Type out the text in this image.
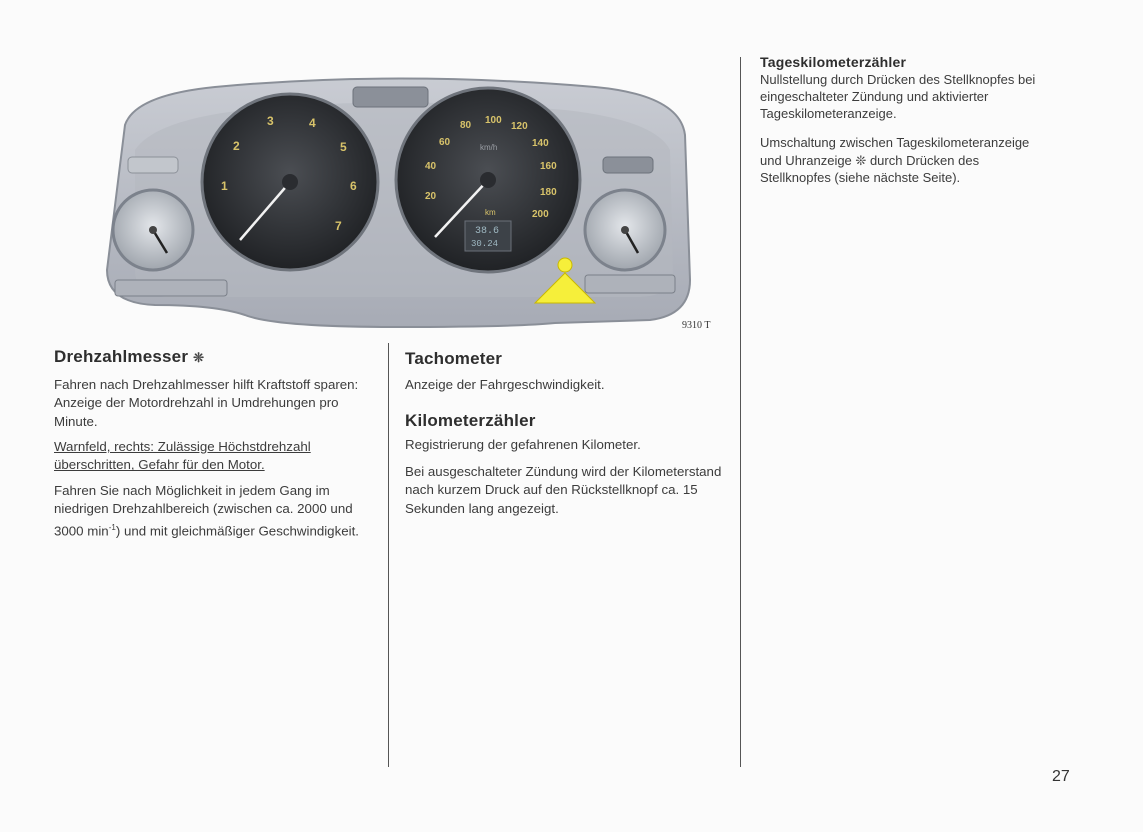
1
2
3	4
5
6
7
20
40
60
80 100
120
140
160
180
200
km/h
km
38.6
30.24
9310 T
Drehzahlmesser ❊

Fahren nach Drehzahlmesser hilft Kraftstoff sparen: Anzeige der Motordrehzahl in Umdrehungen pro Minute.

Warnfeld, rechts: Zulässige Höchstdrehzahl überschritten, Gefahr für den Motor.

Fahren Sie nach Möglichkeit in jedem Gang im niedrigen Drehzahlbereich (zwischen ca. 2000 und 3000 $\min^{-1}$) und mit gleichmäßiger Geschwindigkeit.

Tachometer

Anzeige der Fahrgeschwindigkeit.

Kilometerzähler

Registrierung der gefahrenen Kilometer.

Bei ausgeschalteter Zündung wird der Kilometerstand nach kurzem Druck auf den Rückstellknopf ca. 15 Sekunden lang angezeigt.

Tageskilometerzähler

Nullstellung durch Drücken des Stellknopfes bei eingeschalteter Zündung und aktivierter Tageskilometeranzeige.

Umschaltung zwischen Tageskilometeranzeige und Uhranzeige ❊ durch Drücken des Stellknopfes (siehe nächste Seite).

27
